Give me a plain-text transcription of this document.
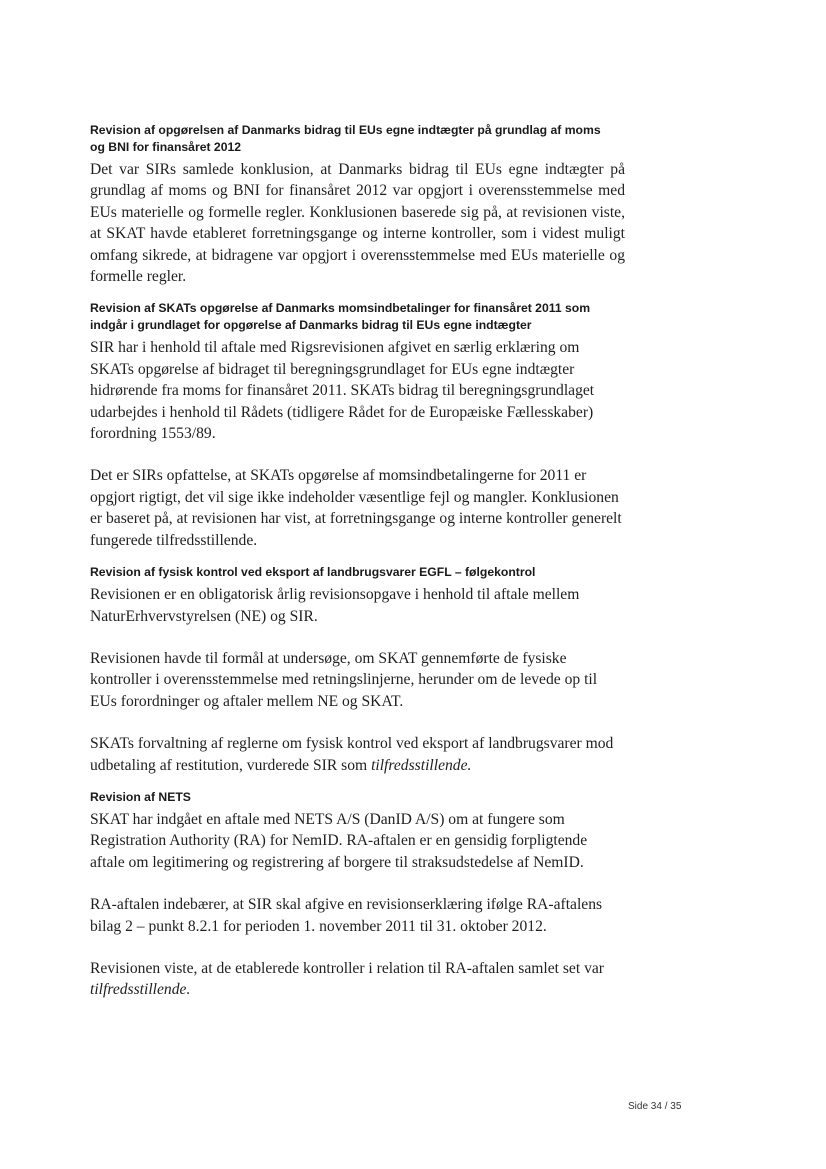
Revision af opgørelsen af Danmarks bidrag til EUs egne indtægter på grundlag af moms og BNI for finansåret 2012

Det var SIRs samlede konklusion, at Danmarks bidrag til EUs egne indtægter på grundlag af moms og BNI for finansåret 2012 var opgjort i overensstemmelse med EUs materielle og formelle regler. Konklusionen baserede sig på, at revisionen viste, at SKAT havde etableret forretningsgange og interne kontroller, som i videst muligt omfang sikrede, at bidragene var opgjort i overensstemmelse med EUs materielle og formelle regler.

Revision af SKATs opgørelse af Danmarks momsindbetalinger for finansåret 2011 som indgår i grundlaget for opgørelse af Danmarks bidrag til EUs egne indtægter

SIR har i henhold til aftale med Rigsrevisionen afgivet en særlig erklæring om SKATs opgørelse af bidraget til beregningsgrundlaget for EUs egne indtægter hidrørende fra moms for finansåret 2011. SKATs bidrag til beregningsgrundlaget udarbejdes i henhold til Rådets (tidligere Rådet for de Europæiske Fællesskaber) forordning 1553/89.

Det er SIRs opfattelse, at SKATs opgørelse af momsindbetalingerne for 2011 er opgjort rigtigt, det vil sige ikke indeholder væsentlige fejl og mangler. Konklusionen er baseret på, at revisionen har vist, at forretningsgange og interne kontroller generelt fungerede tilfredsstillende.

Revision af fysisk kontrol ved eksport af landbrugsvarer EGFL – følgekontrol

Revisionen er en obligatorisk årlig revisionsopgave i henhold til aftale mellem NaturErhvervstyrelsen (NE) og SIR.

Revisionen havde til formål at undersøge, om SKAT gennemførte de fysiske kontroller i overensstemmelse med retningslinjerne, herunder om de levede op til EUs forordninger og aftaler mellem NE og SKAT.

SKATs forvaltning af reglerne om fysisk kontrol ved eksport af landbrugsvarer mod udbetaling af restitution, vurderede SIR som tilfredsstillende.

Revision af NETS

SKAT har indgået en aftale med NETS A/S (DanID A/S) om at fungere som Registration Authority (RA) for NemID. RA-aftalen er en gensidig forpligtende aftale om legitimering og registrering af borgere til straksudstedelse af NemID.

RA-aftalen indebærer, at SIR skal afgive en revisionserklæring ifølge RA-aftalens bilag 2 – punkt 8.2.1 for perioden 1. november 2011 til 31. oktober 2012.

Revisionen viste, at de etablerede kontroller i relation til RA-aftalen samlet set var tilfredsstillende.

Side 34 / 35
